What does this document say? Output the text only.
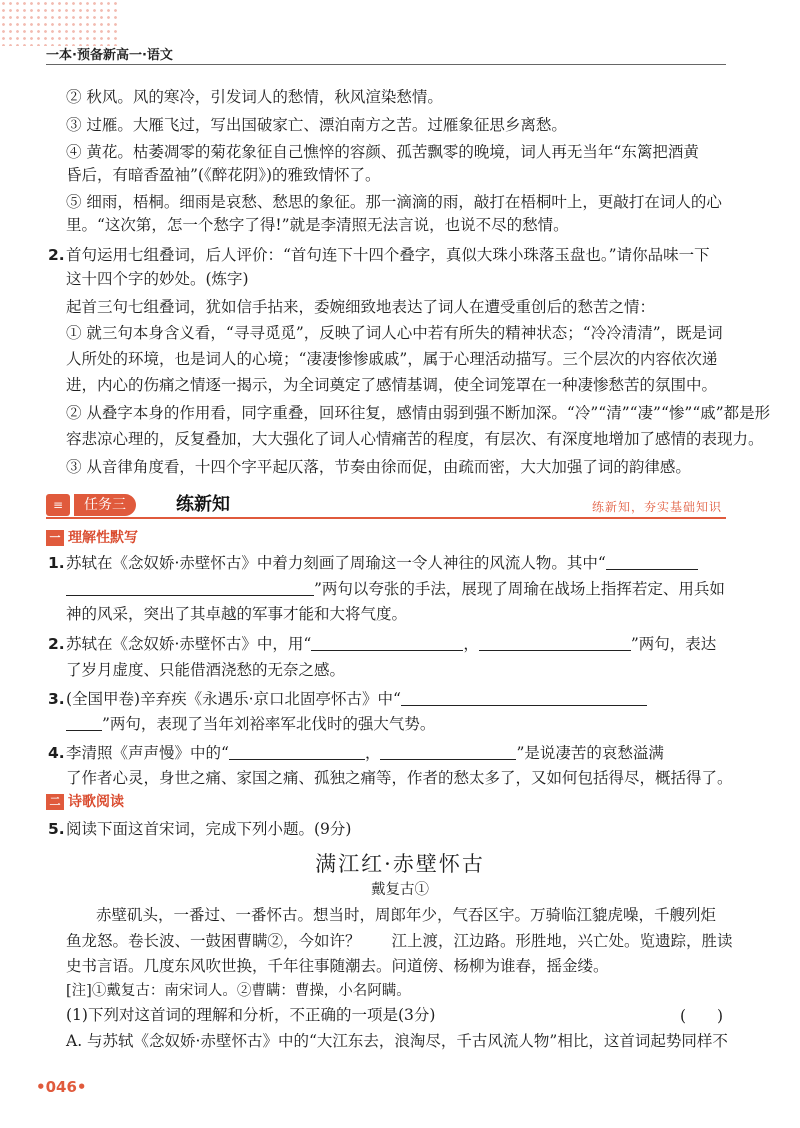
一本·预备新高一·语文
② 秋风。风的寒冷，引发词人的愁情，秋风渲染愁情。
③ 过雁。大雁飞过，写出国破家亡、漂泊南方之苦。过雁象征思乡离愁。
④ 黄花。枯萎凋零的菊花象征自己憔悴的容颜、孤苦飘零的晚境，词人再无当年“东篱把酒黄
昏后，有暗香盈袖”(《醉花阴》)的雅致情怀了。
⑤ 细雨，梧桐。细雨是哀愁、愁思的象征。那一滴滴的雨，敲打在梧桐叶上，更敲打在词人的心
里。“这次第，怎一个愁字了得!”就是李清照无法言说，也说不尽的愁情。
2. 首句运用七组叠词，后人评价：“首句连下十四个叠字，真似大珠小珠落玉盘也。”请你品味一下
这十四个字的妙处。(炼字)
起首三句七组叠词，犹如信手拈来，委婉细致地表达了词人在遭受重创后的愁苦之情：
① 就三句本身含义看，“寻寻觅觅”，反映了词人心中若有所失的精神状态；“冷冷清清”，既是词
人所处的环境，也是词人的心境；“凄凄惨惨戚戚”，属于心理活动描写。三个层次的内容依次递
进，内心的伤痛之情逐一揭示，为全词奠定了感情基调，使全词笼罩在一种凄惨愁苦的氛围中。
② 从叠字本身的作用看，同字重叠，回环往复，感情由弱到强不断加深。“冷”“清”“凄”“惨”“戚”都是形
容悲凉心理的，反复叠加，大大强化了词人心情痛苦的程度，有层次、有深度地增加了感情的表现力。
③ 从音律角度看，十四个字平起仄落，节奏由徐而促，由疏而密，大大加强了词的韵律感。
≡	任务三	练新知	练新知，夯实基础知识
一 理解性默写
1. 苏轼在《念奴娇·赤壁怀古》中着力刻画了周瑜这一令人神往的风流人物。其中“
”两句以夸张的手法，展现了周瑜在战场上指挥若定、用兵如
神的风采，突出了其卓越的军事才能和大将气度。
2. 苏轼在《念奴娇·赤壁怀古》中，用“	，	”两句，表达
了岁月虚度、只能借酒浇愁的无奈之感。
3. (全国甲卷)辛弃疾《永遇乐·京口北固亭怀古》中“
”两句，表现了当年刘裕率军北伐时的强大气势。
4. 李清照《声声慢》中的“	，	”是说凄苦的哀愁溢满
了作者心灵，身世之痛、家国之痛、孤独之痛等，作者的愁太多了，又如何包括得尽，概括得了。
二 诗歌阅读
5. 阅读下面这首宋词，完成下列小题。(9分)
满江红·赤壁怀古
戴复古①
赤壁矶头，一番过、一番怀古。想当时，周郎年少，气吞区宇。万骑临江貔虎噪，千艘列炬
鱼龙怒。卷长波、一鼓困曹瞒②，今如许？　　江上渡，江边路。形胜地，兴亡处。览遗踪，胜读
史书言语。几度东风吹世换，千年往事随潮去。问道傍、杨柳为谁春，摇金缕。
[注]①戴复古：南宋词人。②曹瞒：曹操，小名阿瞒。
(1)下列对这首词的理解和分析，不正确的一项是(3分)	(　　)
A. 与苏轼《念奴娇·赤壁怀古》中的“大江东去，浪淘尽，千古风流人物”相比，这首词起势同样不
•046•
